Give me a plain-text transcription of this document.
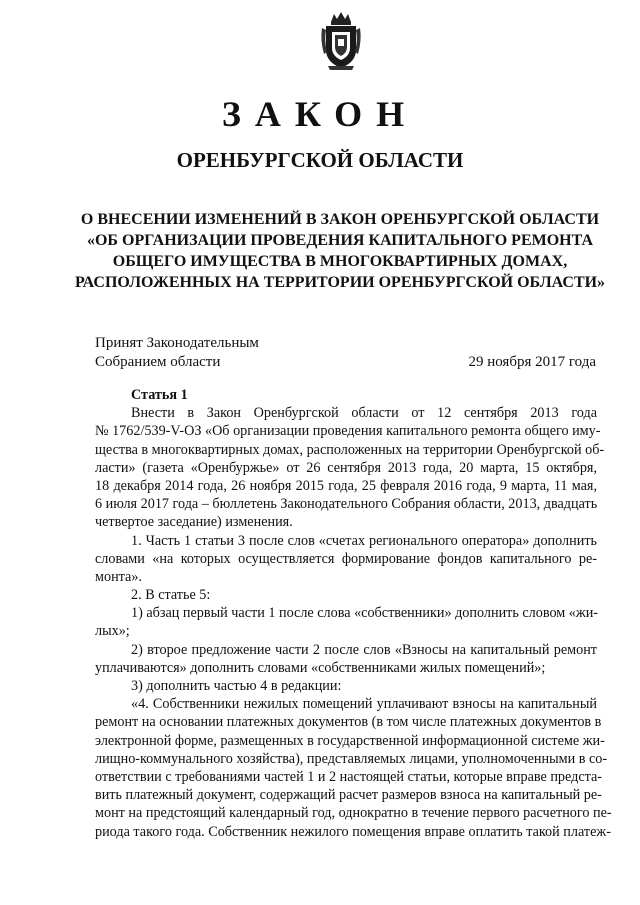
ЗАКОН
ОРЕНБУРГСКОЙ ОБЛАСТИ
О ВНЕСЕНИИ ИЗМЕНЕНИЙ В ЗАКОН ОРЕНБУРГСКОЙ ОБЛАСТИ
«ОБ ОРГАНИЗАЦИИ ПРОВЕДЕНИЯ КАПИТАЛЬНОГО РЕМОНТА
ОБЩЕГО ИМУЩЕСТВА В МНОГОКВАРТИРНЫХ ДОМАХ,
РАСПОЛОЖЕННЫХ НА ТЕРРИТОРИИ ОРЕНБУРГСКОЙ ОБЛАСТИ»
Принят Законодательным
Собранием области	29 ноября 2017 года
Статья 1
Внести в Закон Оренбургской области от 12 сентября 2013 года
№ 1762/539-V-ОЗ «Об организации проведения капитального ремонта общего иму-
щества в многоквартирных домах, расположенных на территории Оренбургской об-
ласти» (газета «Оренбуржье» от 26 сентября 2013 года, 20 марта, 15 октября,
18 декабря 2014 года, 26 ноября 2015 года, 25 февраля 2016 года, 9 марта, 11 мая,
6 июля 2017 года – бюллетень Законодательного Собрания области, 2013, двадцать
четвертое заседание) изменения.
1. Часть 1 статьи 3 после слов «счетах регионального оператора» дополнить
словами «на которых осуществляется формирование фондов капитального ре-
монта».
2. В статье 5:
1) абзац первый части 1 после слова «собственники» дополнить словом «жи-
лых»;
2) второе предложение части 2 после слов «Взносы на капитальный ремонт
уплачиваются» дополнить словами «собственниками жилых помещений»;
3) дополнить частью 4 в редакции:
«4. Собственники нежилых помещений уплачивают взносы на капитальный
ремонт на основании платежных документов (в том числе платежных документов в
электронной форме, размещенных в государственной информационной системе жи-
лищно-коммунального хозяйства), представляемых лицами, уполномоченными в со-
ответствии с требованиями частей 1 и 2 настоящей статьи, которые вправе предста-
вить платежный документ, содержащий расчет размеров взноса на капитальный ре-
монт на предстоящий календарный год, однократно в течение первого расчетного пе-
риода такого года. Собственник нежилого помещения вправе оплатить такой платеж-
